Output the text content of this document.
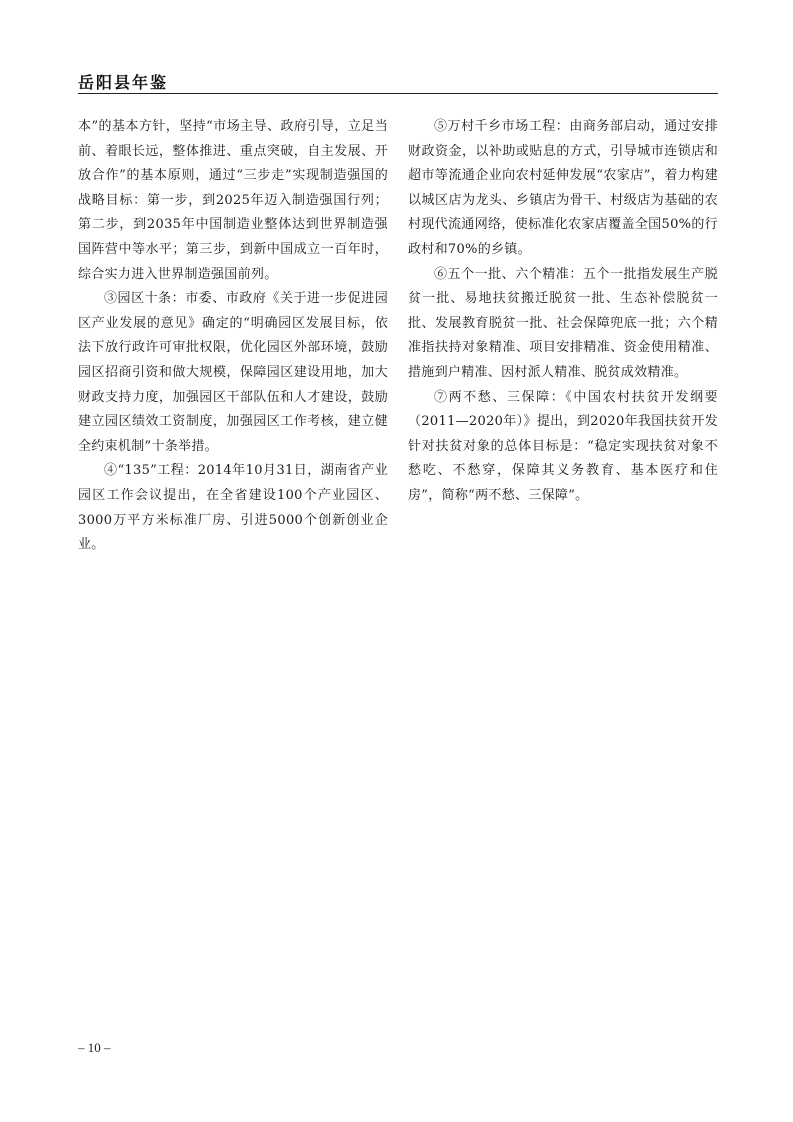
岳阳县年鉴

本”的基本方针，坚持“市场主导、政府引导，立足当前、着眼长远，整体推进、重点突破，自主发展、开放合作”的基本原则，通过“三步走”实现制造强国的战略目标：第一步，到2025年迈入制造强国行列；第二步，到2035年中国制造业整体达到世界制造强国阵营中等水平；第三步，到新中国成立一百年时，综合实力进入世界制造强国前列。

③园区十条：市委、市政府《关于进一步促进园区产业发展的意见》确定的“明确园区发展目标，依法下放行政许可审批权限，优化园区外部环境，鼓励园区招商引资和做大规模，保障园区建设用地，加大财政支持力度，加强园区干部队伍和人才建设，鼓励建立园区绩效工资制度，加强园区工作考核，建立健全约束机制”十条举措。

④“135”工程：2014年10月31日，湖南省产业园区工作会议提出，在全省建设100个产业园区、3000万平方米标准厂房、引进5000个创新创业企业。

⑤万村千乡市场工程：由商务部启动，通过安排财政资金，以补助或贴息的方式，引导城市连锁店和超市等流通企业向农村延伸发展“农家店”，着力构建以城区店为龙头、乡镇店为骨干、村级店为基础的农村现代流通网络，使标准化农家店覆盖全国50%的行政村和70%的乡镇。

⑥五个一批、六个精准：五个一批指发展生产脱贫一批、易地扶贫搬迁脱贫一批、生态补偿脱贫一批、发展教育脱贫一批、社会保障兜底一批；六个精准指扶持对象精准、项目安排精准、资金使用精准、措施到户精准、因村派人精准、脱贫成效精准。

⑦两不愁、三保障：《中国农村扶贫开发纲要（2011—2020年）》提出，到2020年我国扶贫开发针对扶贫对象的总体目标是：“稳定实现扶贫对象不愁吃、不愁穿，保障其义务教育、基本医疗和住房”，简称“两不愁、三保障”。

– 10 –
